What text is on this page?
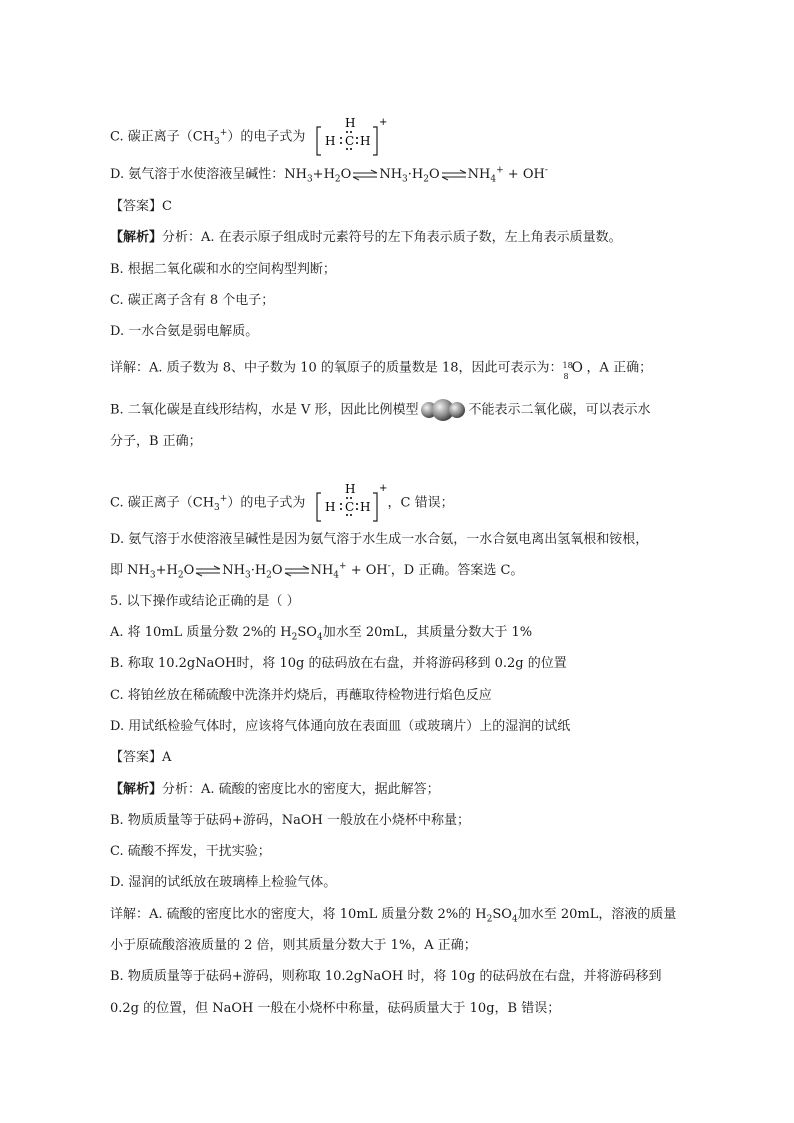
C. 碳正离子$(CH_3^+)$的电子式为
H
H C H
+
D. 氨气溶于水使溶液呈碱性：$NH_3+H_2O\rightleftharpoons NH_3\cdot H_2O\rightleftharpoons NH_4^+ + OH^-$
【答案】C
【解析】分析：A. 在表示原子组成时元素符号的左下角表示质子数，左上角表示质量数。
B. 根据二氧化碳和水的空间构型判断；
C. 碳正离子含有 8 个电子；
D. 一水合氨是弱电解质。
详解：A. 质子数为 8、中子数为 10 的氧原子的质量数是 18，因此可表示为： 18
8
O ，A 正确；
B. 二氧化碳是直线形结构，水是 V 形，因此比例模型	不能表示二氧化碳，可以表示水
分子，B 正确；
C. 碳正离子$(CH_3^+)$的电子式为
H
H C H
+
，C 错误；
D. 氨气溶于水使溶液呈碱性是因为氨气溶于水生成一水合氨，一水合氨电离出氢氧根和铵根，
即 $NH_3+H_2O\rightleftharpoons NH_3\cdot H_2O\rightleftharpoons NH_4^+ + OH^-$，D 正确。答案选 C。
5. 以下操作或结论正确的是（ ）
A. 将 10mL 质量分数 2%的 $H_2SO_4$加水至 20mL，其质量分数大于 1%
B. 称取 10.2gNaOH时，将 10g 的砝码放在右盘，并将游码移到 0.2g 的位置
C. 将铂丝放在稀硫酸中洗涤并灼烧后，再蘸取待检物进行焰色反应
D. 用试纸检验气体时，应该将气体通向放在表面皿（或玻璃片）上的湿润的试纸
【答案】A
【解析】分析：A. 硫酸的密度比水的密度大，据此解答；
B. 物质质量等于砝码+游码，NaOH 一般放在小烧杯中称量；
C. 硫酸不挥发，干扰实验；
D. 湿润的试纸放在玻璃棒上检验气体。
详解：A. 硫酸的密度比水的密度大，将 10mL 质量分数 2%的 $H_2SO_4$加水至 20mL，溶液的质量
小于原硫酸溶液质量的 2 倍，则其质量分数大于 1%，A 正确；
B. 物质质量等于砝码+游码，则称取 10.2gNaOH 时，将 10g 的砝码放在右盘，并将游码移到
0.2g 的位置，但 NaOH 一般在小烧杯中称量，砝码质量大于 10g，B 错误；
